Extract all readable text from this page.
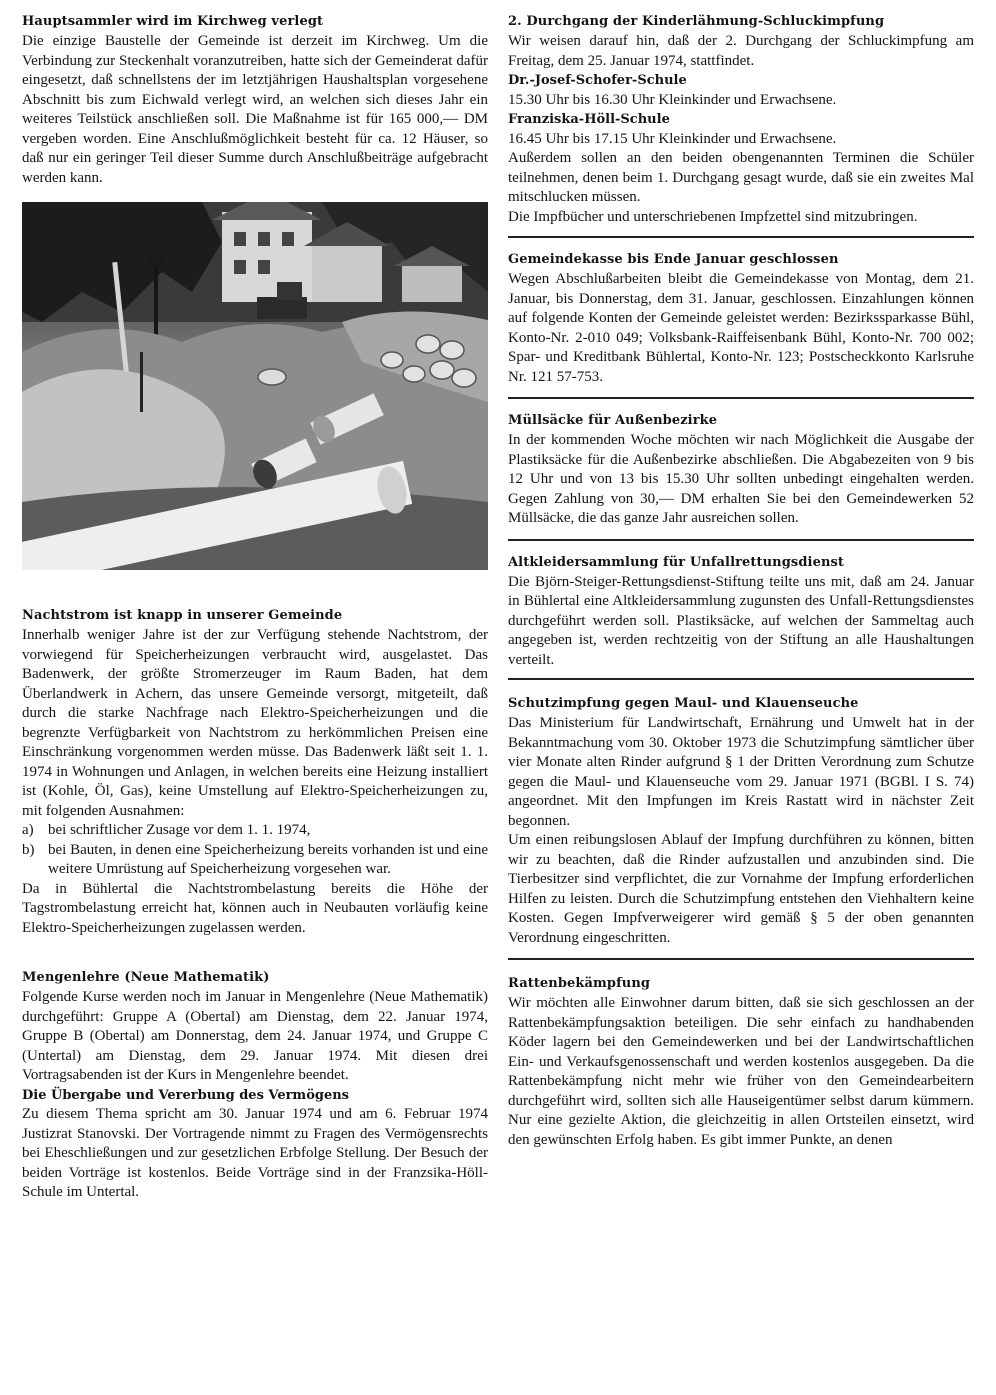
Hauptsammler wird im Kirchweg verlegt

Die einzige Baustelle der Gemeinde ist derzeit im Kirchweg. Um die Verbindung zur Steckenhalt voranzutreiben, hatte sich der Gemeinderat dafür eingesetzt, daß schnellstens der im letztjährigen Haushaltsplan vorgesehene Abschnitt bis zum Eichwald verlegt wird, an welchen sich dieses Jahr ein weiteres Teilstück anschließen soll. Die Maßnahme ist für 165 000,— DM vergeben worden. Eine Anschlußmöglichkeit besteht für ca. 12 Häuser, so daß nur ein geringer Teil dieser Summe durch Anschlußbeiträge aufgebracht werden kann.

Nachtstrom ist knapp in unserer Gemeinde

Innerhalb weniger Jahre ist der zur Verfügung stehende Nachtstrom, der vorwiegend für Speicherheizungen verbraucht wird, ausgelastet. Das Badenwerk, der größte Stromerzeuger im Raum Baden, hat dem Überlandwerk in Achern, das unsere Gemeinde versorgt, mitgeteilt, daß durch die starke Nachfrage nach Elektro-Speicherheizungen und die begrenzte Verfügbarkeit von Nachtstrom zu herkömmlichen Preisen eine Einschränkung vorgenommen werden müsse. Das Badenwerk läßt seit 1. 1. 1974 in Wohnungen und Anlagen, in welchen bereits eine Heizung installiert ist (Kohle, Öl, Gas), keine Umstellung auf Elektro-Speicherheizungen zu, mit folgenden Ausnahmen:

a) bei schriftlicher Zusage vor dem 1. 1. 1974,
b) bei Bauten, in denen eine Speicherheizung bereits vorhanden ist und eine weitere Umrüstung auf Speicherheizung vorgesehen war.

Da in Bühlertal die Nachtstrombelastung bereits die Höhe der Tagstrombelastung erreicht hat, können auch in Neubauten vorläufig keine Elektro-Speicherheizungen zugelassen werden.

Mengenlehre (Neue Mathematik)

Folgende Kurse werden noch im Januar in Mengenlehre (Neue Mathematik) durchgeführt: Gruppe A (Obertal) am Dienstag, dem 22. Januar 1974, Gruppe B (Obertal) am Donnerstag, dem 24. Januar 1974, und Gruppe C (Untertal) am Dienstag, dem 29. Januar 1974. Mit diesen drei Vortragsabenden ist der Kurs in Mengenlehre beendet.

Die Übergabe und Vererbung des Vermögens

Zu diesem Thema spricht am 30. Januar 1974 und am 6. Februar 1974 Justizrat Stanovski. Der Vortragende nimmt zu Fragen des Vermögensrechts bei Eheschließungen und zur gesetzlichen Erbfolge Stellung. Der Besuch der beiden Vorträge ist kostenlos. Beide Vorträge sind in der Franzsika-Höll-Schule im Untertal.

2. Durchgang der Kinderlähmung-Schluckimpfung

Wir weisen darauf hin, daß der 2. Durchgang der Schluckimpfung am Freitag, dem 25. Januar 1974, stattfindet.

Dr.-Josef-Schofer-Schule

15.30 Uhr bis 16.30 Uhr Kleinkinder und Erwachsene.

Franziska-Höll-Schule

16.45 Uhr bis 17.15 Uhr Kleinkinder und Erwachsene.

Außerdem sollen an den beiden obengenannten Terminen die Schüler teilnehmen, denen beim 1. Durchgang gesagt wurde, daß sie ein zweites Mal mitschlucken müssen.

Die Impfbücher und unterschriebenen Impfzettel sind mitzubringen.

Gemeindekasse bis Ende Januar geschlossen

Wegen Abschlußarbeiten bleibt die Gemeindekasse von Montag, dem 21. Januar, bis Donnerstag, dem 31. Januar, geschlossen. Einzahlungen können auf folgende Konten der Gemeinde geleistet werden: Bezirkssparkasse Bühl, Konto-Nr. 2-010 049; Volksbank-Raiffeisenbank Bühl, Konto-Nr. 700 002; Spar- und Kreditbank Bühlertal, Konto-Nr. 123; Postscheckkonto Karlsruhe Nr. 121 57-753.

Müllsäcke für Außenbezirke

In der kommenden Woche möchten wir nach Möglichkeit die Ausgabe der Plastiksäcke für die Außenbezirke abschließen. Die Abgabezeiten von 9 bis 12 Uhr und von 13 bis 15.30 Uhr sollten unbedingt eingehalten werden. Gegen Zahlung von 30,— DM erhalten Sie bei den Gemeindewerken 52 Müllsäcke, die das ganze Jahr ausreichen sollen.

Altkleidersammlung für Unfallrettungsdienst

Die Björn-Steiger-Rettungsdienst-Stiftung teilte uns mit, daß am 24. Januar in Bühlertal eine Altkleidersammlung zugunsten des Unfall-Rettungsdienstes durchgeführt werden soll. Plastiksäcke, auf welchen der Sammeltag auch angegeben ist, werden rechtzeitig von der Stiftung an alle Haushaltungen verteilt.

Schutzimpfung gegen Maul- und Klauenseuche

Das Ministerium für Landwirtschaft, Ernährung und Umwelt hat in der Bekanntmachung vom 30. Oktober 1973 die Schutzimpfung sämtlicher über vier Monate alten Rinder aufgrund § 1 der Dritten Verordnung zum Schutze gegen die Maul- und Klauenseuche vom 29. Januar 1971 (BGBl. I S. 74) angeordnet. Mit den Impfungen im Kreis Rastatt wird in nächster Zeit begonnen.

Um einen reibungslosen Ablauf der Impfung durchführen zu können, bitten wir zu beachten, daß die Rinder aufzustallen und anzubinden sind. Die Tierbesitzer sind verpflichtet, die zur Vornahme der Impfung erforderlichen Hilfen zu leisten. Durch die Schutzimpfung entstehen den Viehhaltern keine Kosten. Gegen Impfverweigerer wird gemäß § 5 der oben genannten Verordnung eingeschritten.

Rattenbekämpfung

Wir möchten alle Einwohner darum bitten, daß sie sich geschlossen an der Rattenbekämpfungsaktion beteiligen. Die sehr einfach zu handhabenden Köder lagern bei den Gemeindewerken und bei der Landwirtschaftlichen Ein- und Verkaufsgenossenschaft und werden kostenlos ausgegeben. Da die Rattenbekämpfung nicht mehr wie früher von den Gemeindearbeitern durchgeführt wird, sollten sich alle Hauseigentümer selbst darum kümmern. Nur eine gezielte Aktion, die gleichzeitig in allen Ortsteilen einsetzt, wird den gewünschten Erfolg haben. Es gibt immer Punkte, an denen
